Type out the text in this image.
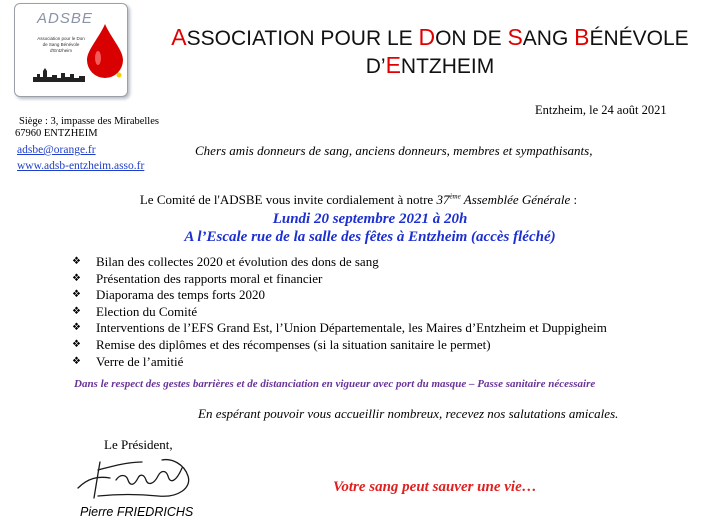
ADSBE
Association pour le Don de Sang Bénévole d'Entzheim
ASSOCIATION POUR LE DON DE SANG BÉNÉVOLE
D’ENTZHEIM
Entzheim, le 24 août 2021
Siège : 3, impasse des Mirabelles
67960 ENTZHEIM
adsbe@orange.fr
www.adsb-entzheim.asso.fr
Chers amis donneurs de sang, anciens donneurs, membres et sympathisants,
Le Comité de l'ADSBE vous invite cordialement à notre 37ème Assemblée Générale :
Lundi 20 septembre 2021 à 20h
A l’Escale rue de la salle des fêtes à Entzheim (accès fléché)
❖ Bilan des collectes 2020 et évolution des dons de sang
❖ Présentation des rapports moral et financier
❖ Diaporama des temps forts 2020
❖ Election du Comité
❖ Interventions de l’EFS Grand Est, l’Union Départementale, les Maires d’Entzheim et Duppigheim
❖ Remise des diplômes et des récompenses (si la situation sanitaire le permet)
❖ Verre de l’amitié
Dans le respect des gestes barrières et de distanciation en vigueur avec port du masque – Passe sanitaire nécessaire
En espérant pouvoir vous accueillir nombreux, recevez nos salutations amicales.
Le Président,
Pierre FRIEDRICHS
Votre sang peut sauver une vie…
